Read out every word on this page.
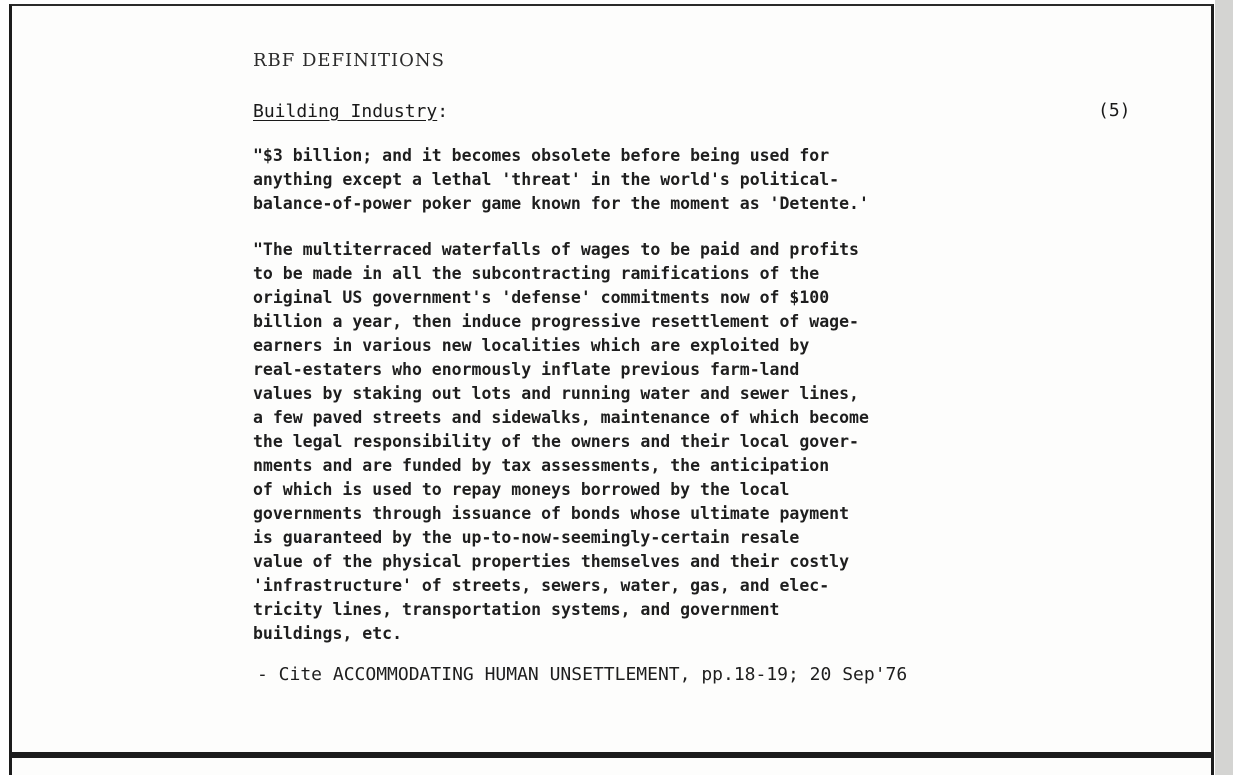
RBF DEFINITIONS
Building Industry:	(5)
"$3 billion; and it becomes obsolete before being used for
anything except a lethal 'threat' in the world's political-
balance-of-power poker game known for the moment as 'Detente.'
"The multiterraced waterfalls of wages to be paid and profits
to be made in all the subcontracting ramifications of the
original US government's 'defense' commitments now of $100
billion a year, then induce progressive resettlement of wage-
earners in various new localities which are exploited by
real-estaters who enormously inflate previous farm-land
values by staking out lots and running water and sewer lines,
a few paved streets and sidewalks, maintenance of which become
the legal responsibility of the owners and their local gover-
nments and are funded by tax assessments, the anticipation
of which is used to repay moneys borrowed by the local
governments through issuance of bonds whose ultimate payment
is guaranteed by the up-to-now-seemingly-certain resale
value of the physical properties themselves and their costly
'infrastructure' of streets, sewers, water, gas, and elec-
tricity lines, transportation systems, and government
buildings, etc.
- Cite ACCOMMODATING HUMAN UNSETTLEMENT, pp.18-19; 20 Sep'76
